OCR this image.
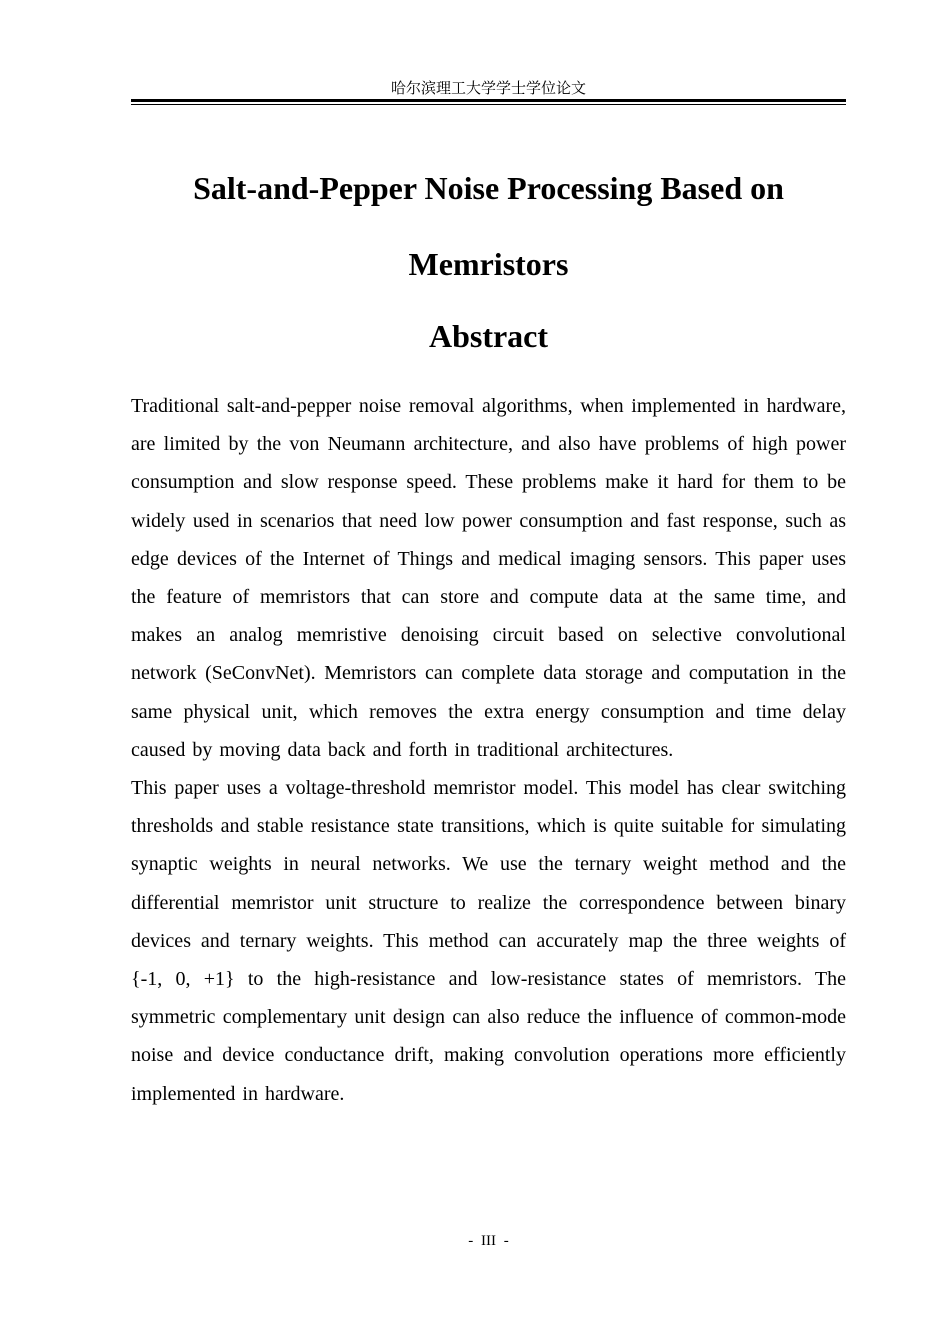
哈尔滨理工大学学士学位论文
Salt-and-Pepper Noise Processing Based on
Memristors
Abstract

Traditional salt-and-pepper noise removal algorithms, when implemented in hardware, are limited by the von Neumann architecture, and also have problems of high power consumption and slow response speed. These problems make it hard for them to be widely used in scenarios that need low power consumption and fast response, such as edge devices of the Internet of Things and medical imaging sensors. This paper uses the feature of memristors that can store and compute data at the same time, and makes an analog memristive denoising circuit based on selective convolutional network (SeConvNet). Memristors can complete data storage and computation in the same physical unit, which removes the extra energy consumption and time delay caused by moving data back and forth in traditional architectures.

This paper uses a voltage-threshold memristor model. This model has clear switching thresholds and stable resistance state transitions, which is quite suitable for simulating synaptic weights in neural networks. We use the ternary weight method and the differential memristor unit structure to realize the correspondence between binary devices and ternary weights. This method can accurately map the three weights of {-1, 0, +1} to the high-resistance and low-resistance states of memristors. The symmetric complementary unit design can also reduce the influence of common-mode noise and device conductance drift, making convolution operations more efficiently implemented in hardware.

- III -
